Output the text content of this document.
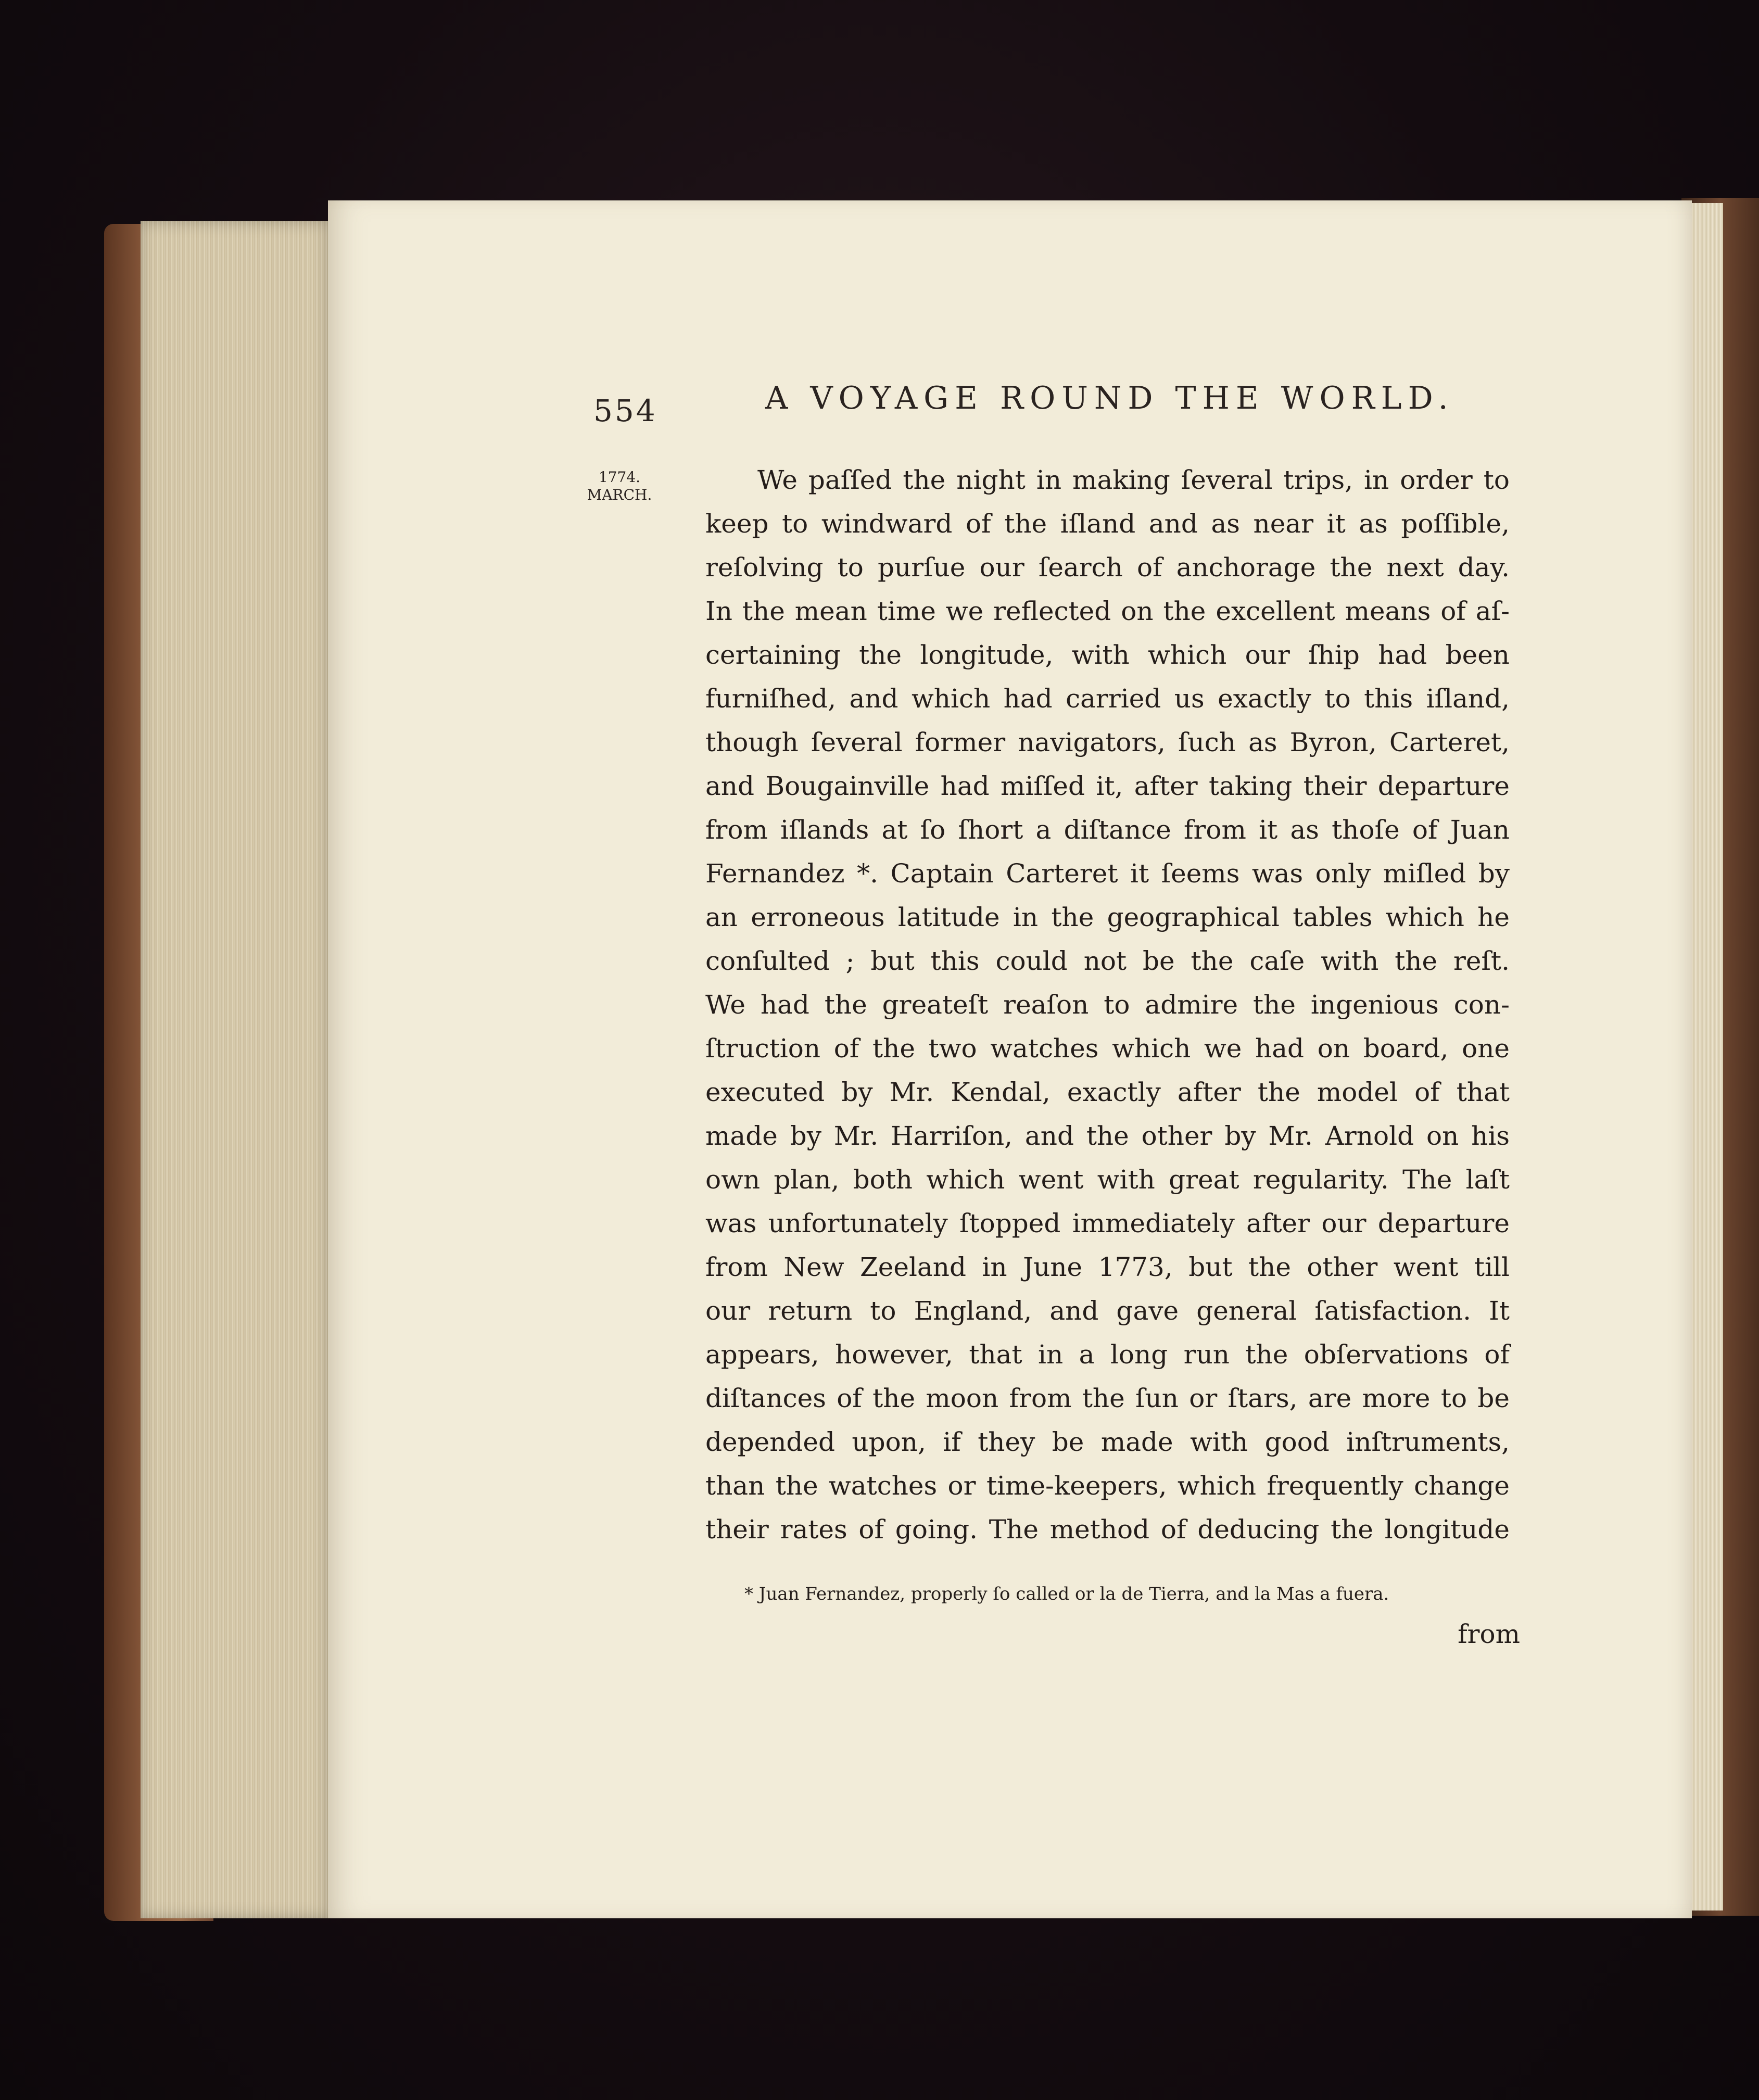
554	A VOYAGE ROUND THE WORLD.
1774.
MARCH.	We paſſed the night in making ſeveral trips, in order to
keep to windward of the iſland and as near it as poſſible,
reſolving to purſue our ſearch of anchorage the next day.
In the mean time we reflected on the excellent means of aſ-
certaining the longitude, with which our ſhip had been
furniſhed, and which had carried us exactly to this iſland,
though ſeveral former navigators, ſuch as Byron, Carteret,
and Bougainville had miſſed it, after taking their departure
from iſlands at ſo ſhort a diſtance from it as thoſe of Juan
Fernandez *. Captain Carteret it ſeems was only miſled by
an erroneous latitude in the geographical tables which he
conſulted ; but this could not be the caſe with the reſt.
We had the greateſt reaſon to admire the ingenious con-
ſtruction of the two watches which we had on board, one
executed by Mr. Kendal, exactly after the model of that
made by Mr. Harriſon, and the other by Mr. Arnold on his
own plan, both which went with great regularity. The laſt
was unfortunately ſtopped immediately after our departure
from New Zeeland in June 1773, but the other went till
our return to England, and gave general ſatisfaction. It
appears, however, that in a long run the obſervations of
diſtances of the moon from the ſun or ſtars, are more to be
depended upon, if they be made with good inſtruments,
than the watches or time-keepers, which frequently change
their rates of going. The method of deducing the longitude
* Juan Fernandez, properly ſo called or la de Tierra, and la Mas a fuera.
from
